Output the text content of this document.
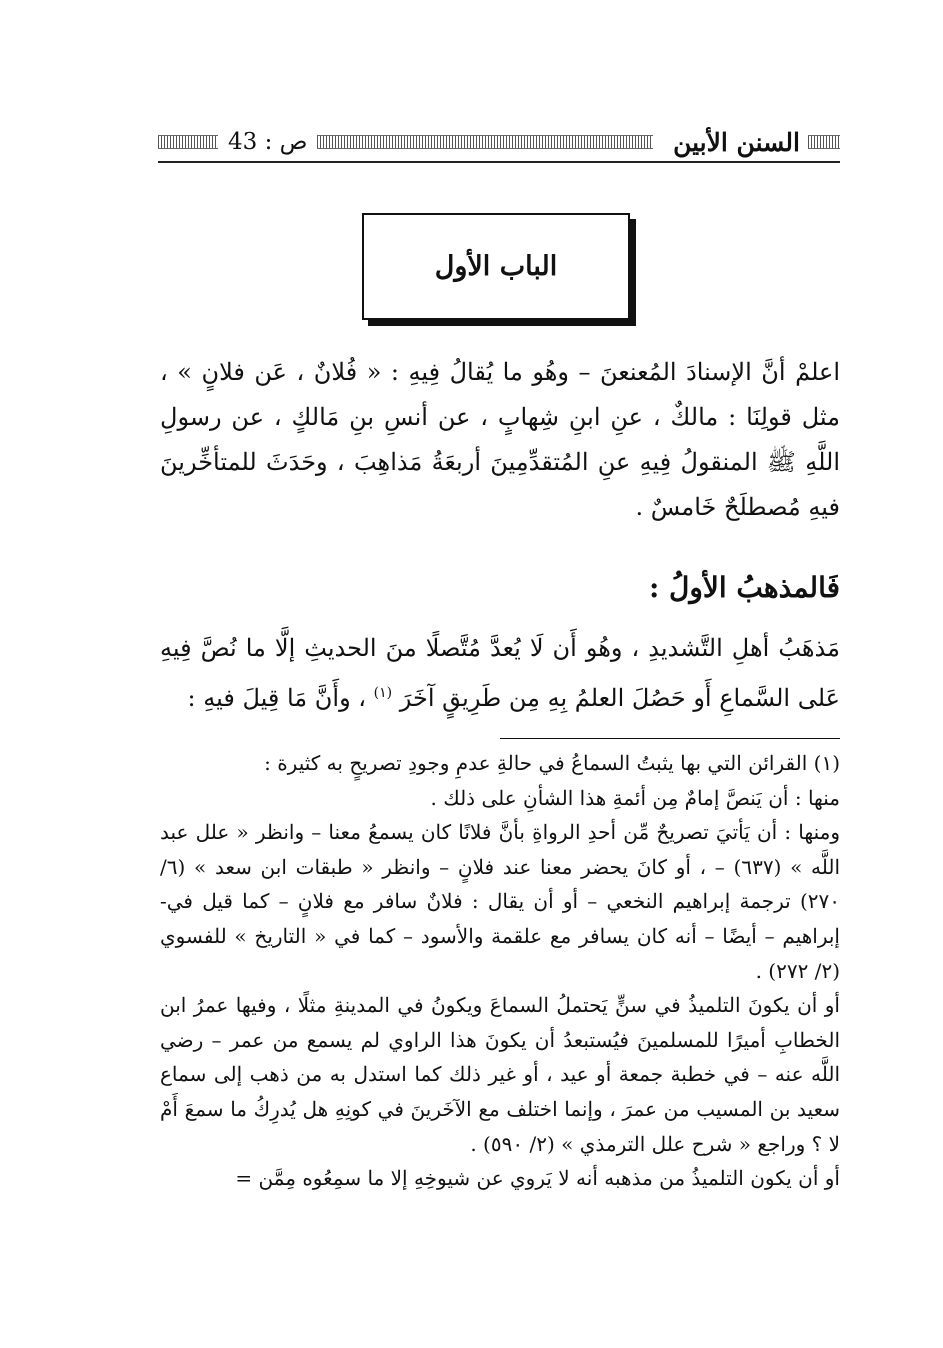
السنن الأبين
ص : 43
الباب الأول

اعلمْ أنَّ الإسنادَ المُعنعنَ – وهُو ما يُقالُ فِيهِ : « فُلانٌ ، عَن فلانٍ » ، مثل قولِنَا : مالكٌ ، عنِ ابنِ شِهابٍ ، عن أنسِ بنِ مَالكٍ ، عن رسولِ اللَّهِ ﷺ المنقولُ فِيهِ عنِ المُتقدِّمِينَ أربعَةُ مَذاهِبَ ، وحَدَثَ للمتأخِّرينَ فيهِ مُصطلَحٌ خَامسٌ .

فَالمذهبُ الأولُ :

مَذهَبُ أهلِ التَّشديدِ ، وهُو أَن لَا يُعدَّ مُتَّصلًا منَ الحديثِ إلَّا ما نُصَّ فِيهِ عَلى السَّماعِ أَو حَصُلَ العلمُ بِهِ مِن طَرِيقٍ آخَرَ $^{(١)}$ ، وأَنَّ مَا قِيلَ فيهِ :

(١) القرائن التي بها يثبتُ السماعُ في حالةِ عدمِ وجودِ تصريحٍ به كثيرة :

منها : أن يَنصَّ إمامٌ مِن أئمةِ هذا الشأنِ على ذلك .

ومنها : أن يَأتيَ تصريحٌ مِّن أحدِ الرواةِ بأنَّ فلانًا كان يسمعُ معنا – وانظر « علل عبد اللَّه » (٦٣٧) – ، أو كانَ يحضر معنا عند فلانٍ – وانظر « طبقات ابن سعد » (٦/ ٢٧٠) ترجمة إبراهيم النخعي – أو أن يقال : فلانٌ سافر مع فلانٍ – كما قيل في-إبراهيم – أيضًا – أنه كان يسافر مع علقمة والأسود – كما في « التاريخ » للفسوي (٢/ ٢٧٢) .

أو أن يكونَ التلميذُ في سنٍّ يَحتملُ السماعَ ويكونُ في المدينةِ مثلًا ، وفيها عمرُ ابن الخطابِ أميرًا للمسلمينَ فيُستبعدُ أن يكونَ هذا الراوي لم يسمع من عمر – رضي اللَّه عنه – في خطبة جمعة أو عيد ، أو غير ذلك كما استدل به من ذهب إلى سماع سعيد بن المسيب من عمرَ ، وإنما اختلف مع الآخَرينَ في كونِهِ هل يُدرِكُ ما سمعَ أَمْ لا ؟ وراجع « شرح علل الترمذي » (٢/ ٥٩٠) .

أو أن يكون التلميذُ من مذهبه أنه لا يَروي عن شيوخِهِ إلا ما سمِعُوه مِمَّن =
